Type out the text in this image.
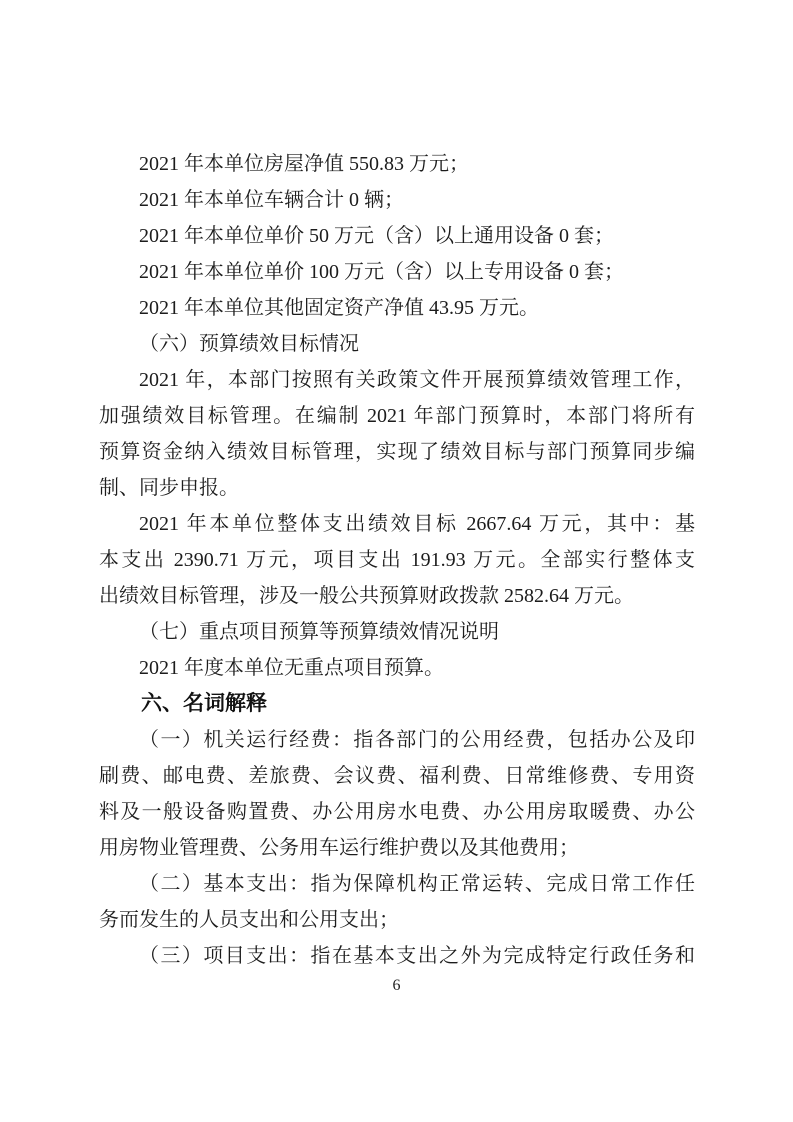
2021 年本单位房屋净值 550.83 万元；
2021 年本单位车辆合计 0 辆；
2021 年本单位单价 50 万元（含）以上通用设备 0 套；
2021 年本单位单价 100 万元（含）以上专用设备 0 套；
2021 年本单位其他固定资产净值 43.95 万元。
（六）预算绩效目标情况
2021 年，本部门按照有关政策文件开展预算绩效管理工作，
加强绩效目标管理。在编制 2021 年部门预算时，本部门将所有
预算资金纳入绩效目标管理，实现了绩效目标与部门预算同步编
制、同步申报。
2021 年本单位整体支出绩效目标 2667.64 万元，其中：基
本支出 2390.71 万元，项目支出 191.93 万元。全部实行整体支
出绩效目标管理，涉及一般公共预算财政拨款 2582.64 万元。
（七）重点项目预算等预算绩效情况说明
2021 年度本单位无重点项目预算。
六、名词解释
（一）机关运行经费：指各部门的公用经费，包括办公及印
刷费、邮电费、差旅费、会议费、福利费、日常维修费、专用资
料及一般设备购置费、办公用房水电费、办公用房取暖费、办公
用房物业管理费、公务用车运行维护费以及其他费用；
（二）基本支出：指为保障机构正常运转、完成日常工作任
务而发生的人员支出和公用支出；
（三）项目支出：指在基本支出之外为完成特定行政任务和
6
